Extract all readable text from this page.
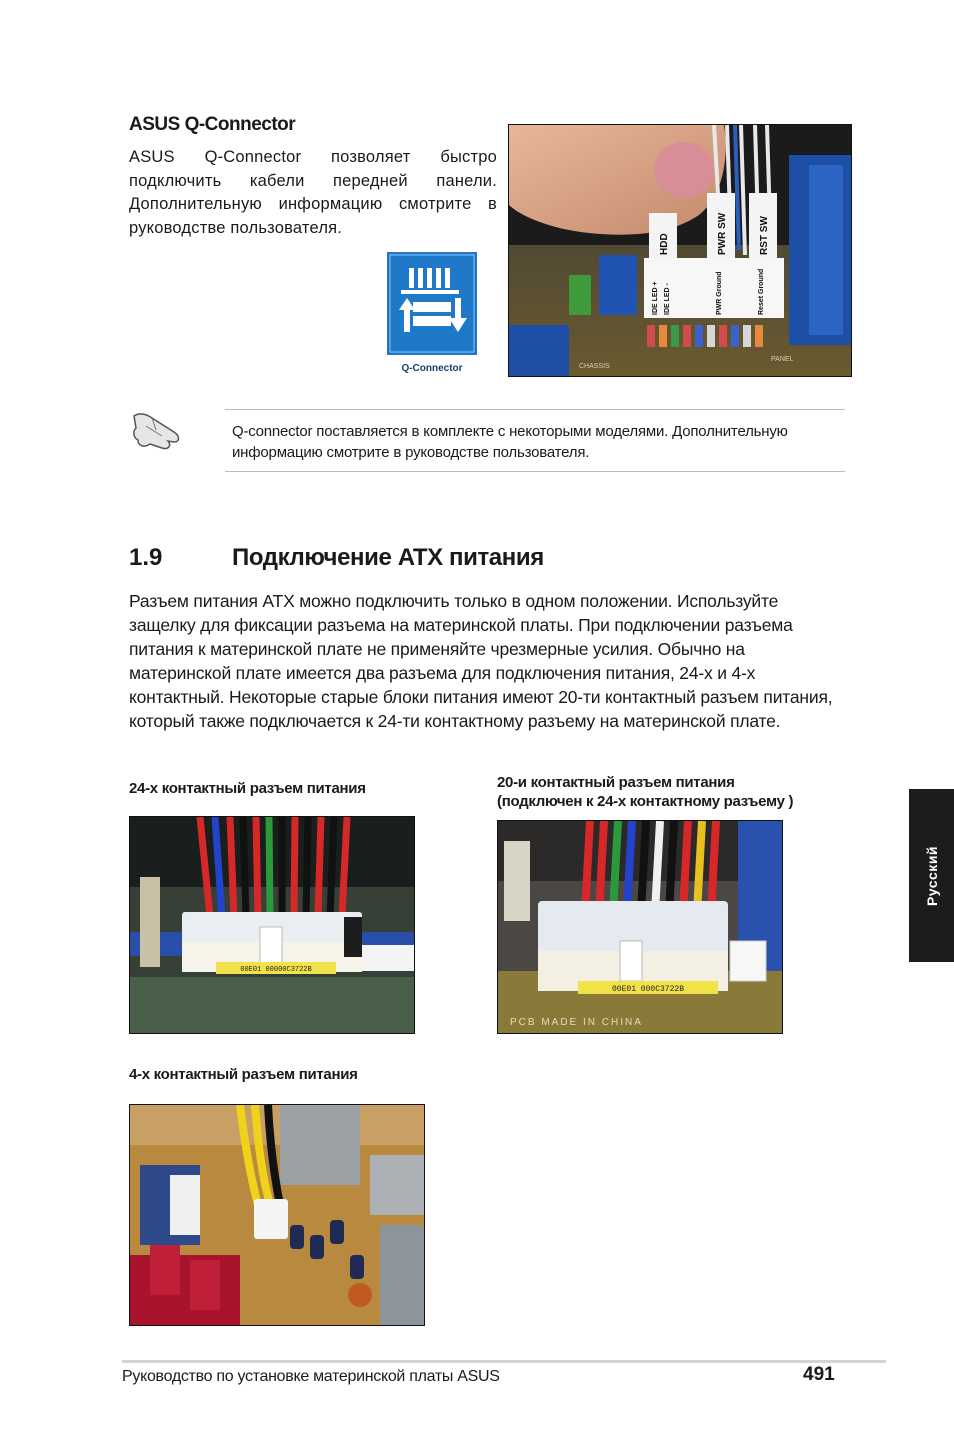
ASUS Q-Connector
ASUS Q-Connector позволяет быстро подключить кабели передней панели. Дополнительную информацию смотрите в руководстве пользователя.
Q-Connector
HDD	PWR SW	RST SW
IDE LED + IDE LED -	PWR Ground	Reset Ground
CHASSIS
PANEL
Q-connector поставляется в комплекте с некоторыми моделями. Дополнительную информацию смотрите в руководстве пользователя.
1.9	Подключение ATX питания
Разъем питания ATX можно подключить только в одном положении. Используйте защелку для фиксации разъема на материнской платы. При подключении разъема питания к материнской плате не применяйте чрезмерные усилия. Обычно на материнской плате имеется два разъема для подключения питания, 24-х и 4-х контактный. Некоторые старые блоки питания имеют 20-ти контактный разъем питания, который также подключается к 24-ти контактному разъему на материнской плате.
24-х контактный разъем питания	20-и контактный разъем питания
(подключен к 24-х контактному разъему )
4-х контактный разъем питания
00E01 00000C3722B
00E01 000C3722B
PCB MADE IN CHINA
Русский
Руководство по установке материнской платы ASUS	491
